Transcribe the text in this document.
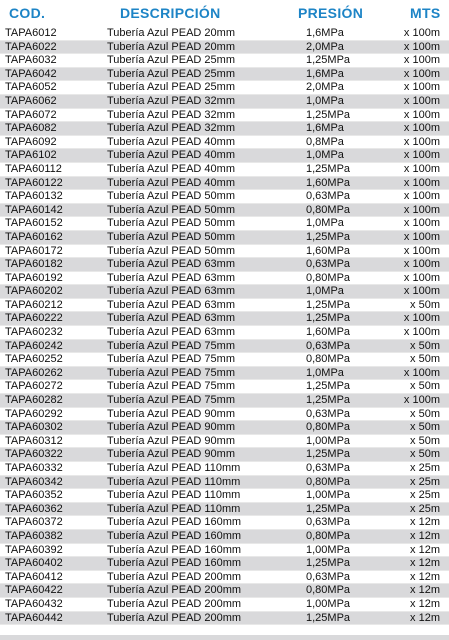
COD.	DESCRIPCIÓN	PRESIÓN	MTS
TAPA6012	Tubería Azul PEAD 20mm	1,6MPa	x 100m
TAPA6022	Tubería Azul PEAD 20mm	2,0MPa	x 100m
TAPA6032	Tubería Azul PEAD 25mm	1,25MPa	x 100m
TAPA6042	Tubería Azul PEAD 25mm	1,6MPa	x 100m
TAPA6052	Tubería Azul PEAD 25mm	2,0MPa	x 100m
TAPA6062	Tubería Azul PEAD 32mm	1,0MPa	x 100m
TAPA6072	Tubería Azul PEAD 32mm	1,25MPa	x 100m
TAPA6082	Tubería Azul PEAD 32mm	1,6MPa	x 100m
TAPA6092	Tubería Azul PEAD 40mm	0,8MPa	x 100m
TAPA6102	Tubería Azul PEAD 40mm	1,0MPa	x 100m
TAPA60112	Tubería Azul PEAD 40mm	1,25MPa	x 100m
TAPA60122	Tubería Azul PEAD 40mm	1,60MPa	x 100m
TAPA60132	Tubería Azul PEAD 50mm	0,63MPa	x 100m
TAPA60142	Tubería Azul PEAD 50mm	0,80MPa	x 100m
TAPA60152	Tubería Azul PEAD 50mm	1,0MPa	x 100m
TAPA60162	Tubería Azul PEAD 50mm	1,25MPa	x 100m
TAPA60172	Tubería Azul PEAD 50mm	1,60MPa	x 100m
TAPA60182	Tubería Azul PEAD 63mm	0,63MPa	x 100m
TAPA60192	Tubería Azul PEAD 63mm	0,80MPa	x 100m
TAPA60202	Tubería Azul PEAD 63mm	1,0MPa	x 100m
TAPA60212	Tubería Azul PEAD 63mm	1,25MPa	x 50m
TAPA60222	Tubería Azul PEAD 63mm	1,25MPa	x 100m
TAPA60232	Tubería Azul PEAD 63mm	1,60MPa	x 100m
TAPA60242	Tubería Azul PEAD 75mm	0,63MPa	x 50m
TAPA60252	Tubería Azul PEAD 75mm	0,80MPa	x 50m
TAPA60262	Tubería Azul PEAD 75mm	1,0MPa	x 100m
TAPA60272	Tubería Azul PEAD 75mm	1,25MPa	x 50m
TAPA60282	Tubería Azul PEAD 75mm	1,25MPa	x 100m
TAPA60292	Tubería Azul PEAD 90mm	0,63MPa	x 50m
TAPA60302	Tubería Azul PEAD 90mm	0,80MPa	x 50m
TAPA60312	Tubería Azul PEAD 90mm	1,00MPa	x 50m
TAPA60322	Tubería Azul PEAD 90mm	1,25MPa	x 50m
TAPA60332	Tubería Azul PEAD 110mm	0,63MPa	x 25m
TAPA60342	Tubería Azul PEAD 110mm	0,80MPa	x 25m
TAPA60352	Tubería Azul PEAD 110mm	1,00MPa	x 25m
TAPA60362	Tubería Azul PEAD 110mm	1,25MPa	x 25m
TAPA60372	Tubería Azul PEAD 160mm	0,63MPa	x 12m
TAPA60382	Tubería Azul PEAD 160mm	0,80MPa	x 12m
TAPA60392	Tubería Azul PEAD 160mm	1,00MPa	x 12m
TAPA60402	Tubería Azul PEAD 160mm	1,25MPa	x 12m
TAPA60412	Tubería Azul PEAD 200mm	0,63MPa	x 12m
TAPA60422	Tubería Azul PEAD 200mm	0,80MPa	x 12m
TAPA60432	Tubería Azul PEAD 200mm	1,00MPa	x 12m
TAPA60442	Tubería Azul PEAD 200mm	1,25MPa	x 12m
